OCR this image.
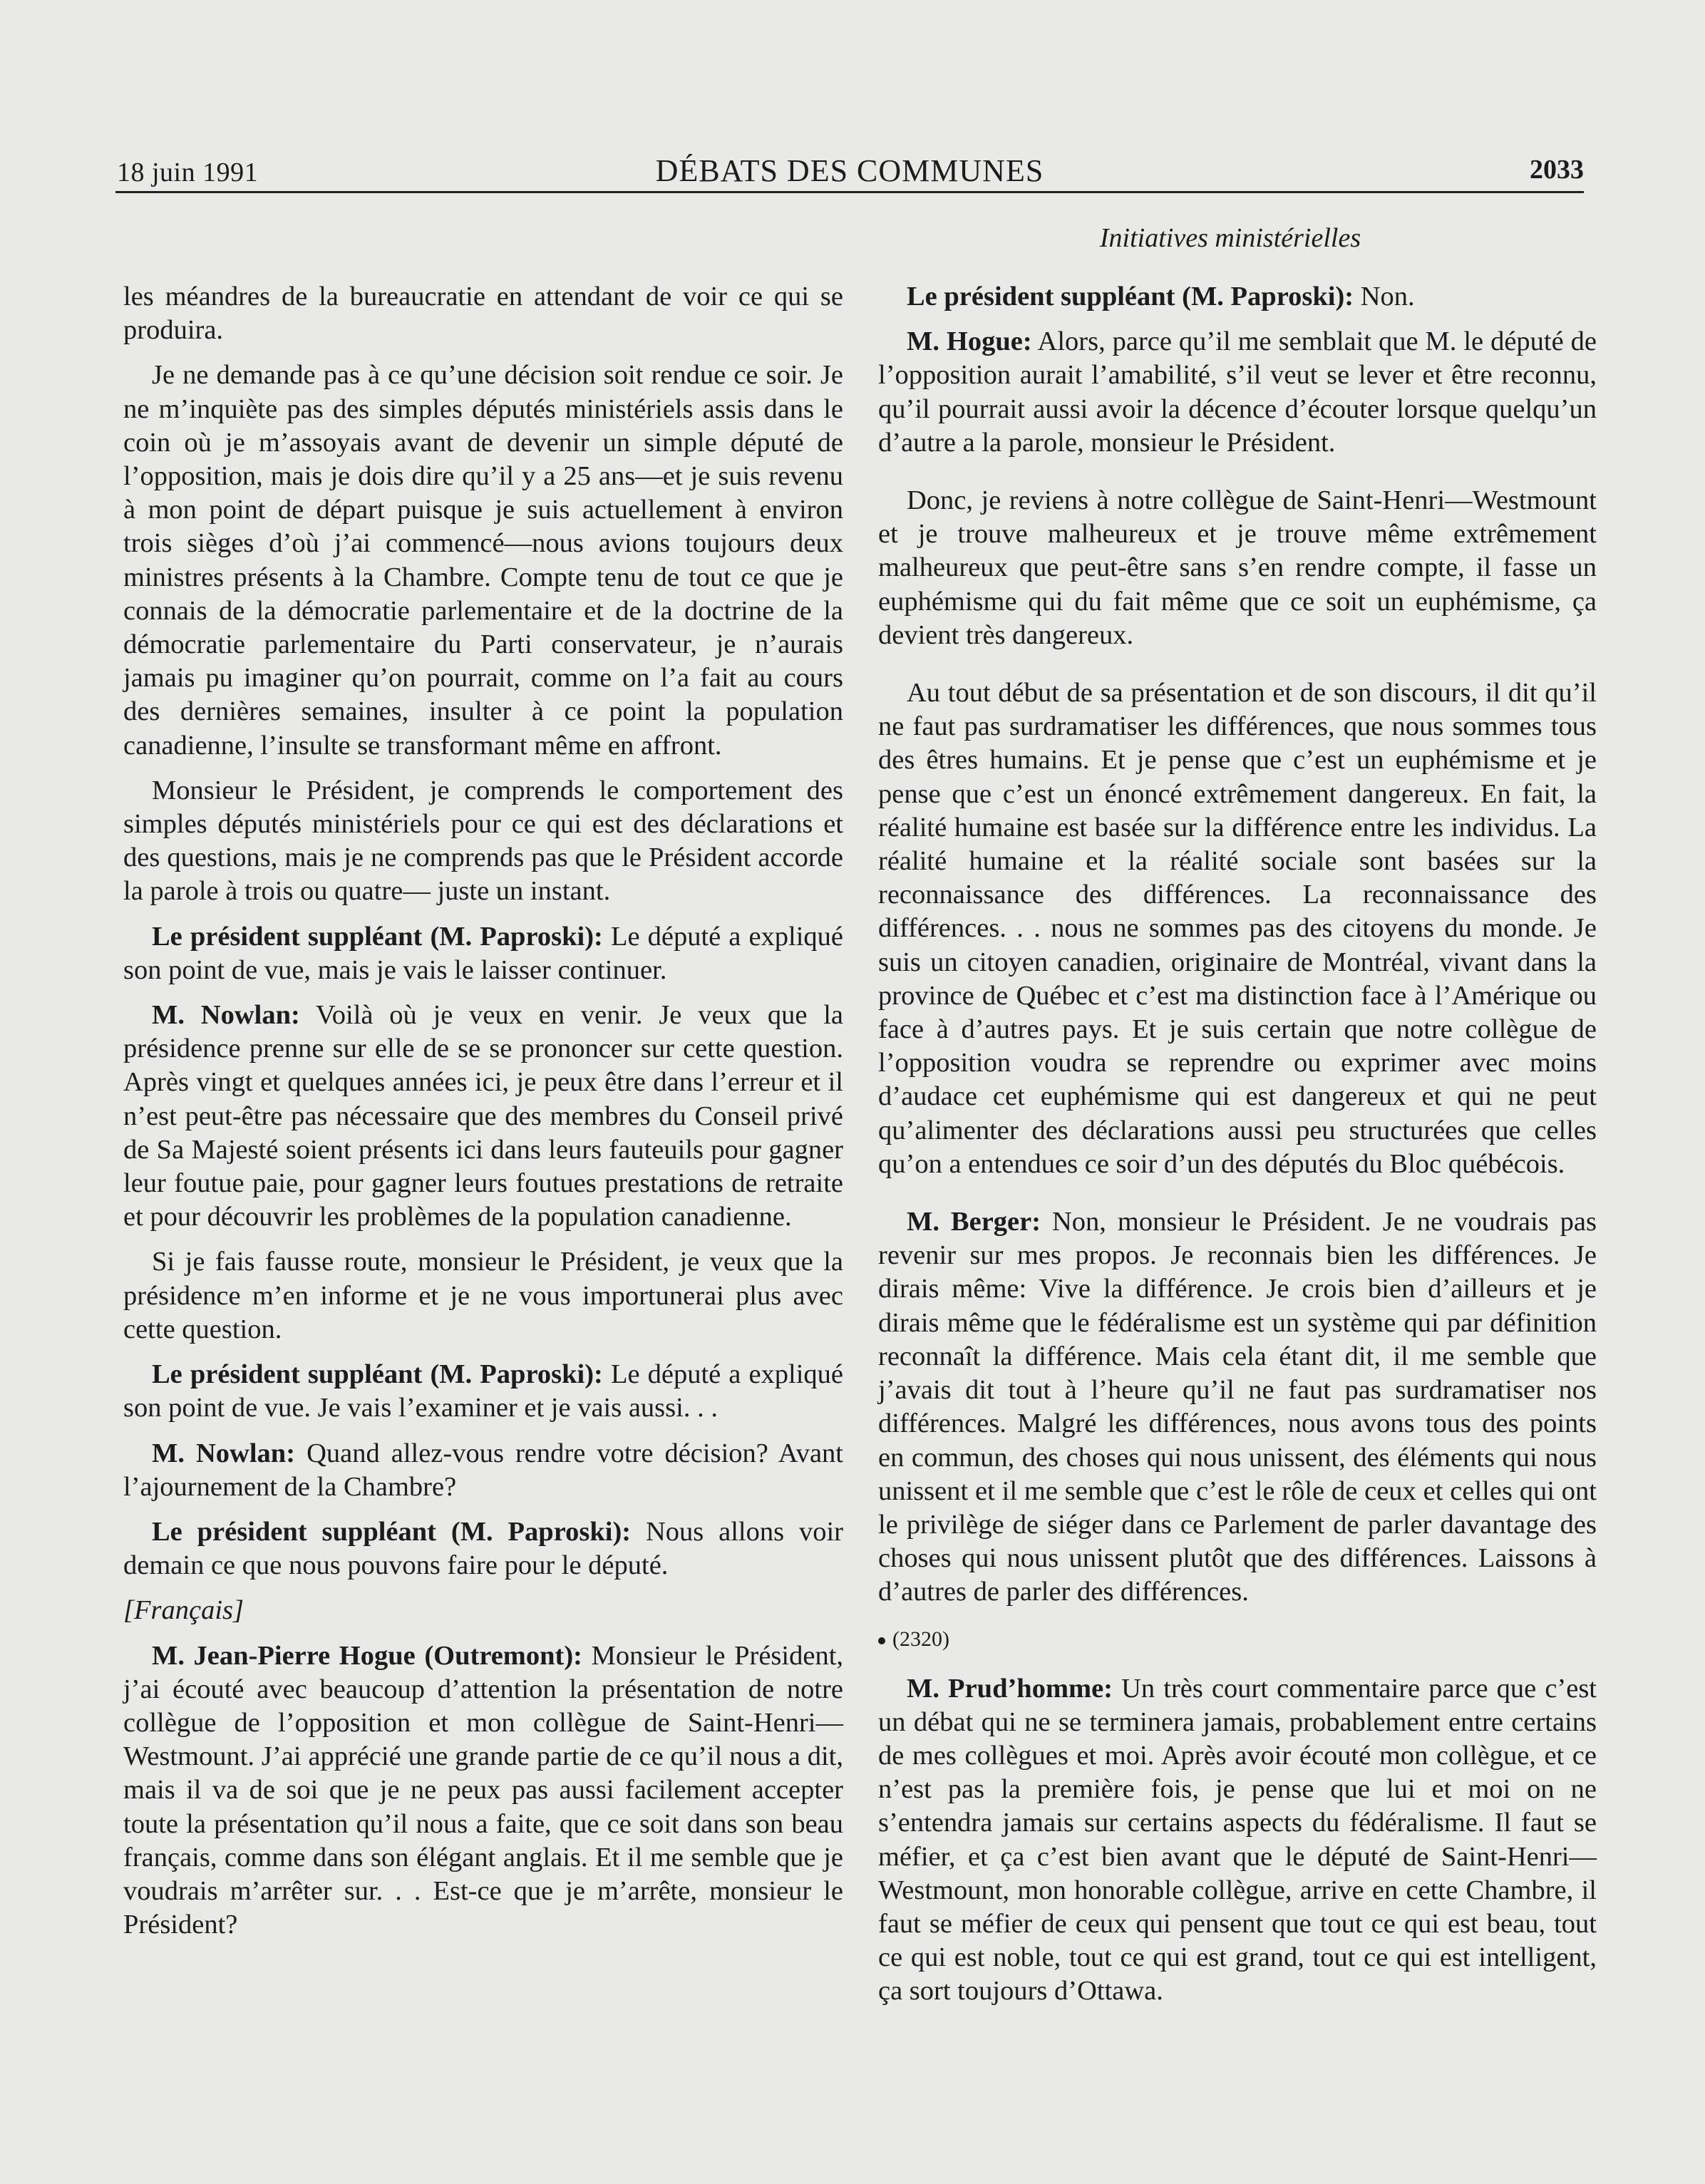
18 juin 1991	DÉBATS DES COMMUNES	2033
Initiatives ministérielles

les méandres de la bureaucratie en attendant de voir ce qui se produira.

Je ne demande pas à ce qu’une décision soit rendue ce soir. Je ne m’inquiète pas des simples députés ministériels assis dans le coin où je m’assoyais avant de devenir un simple député de l’opposition, mais je dois dire qu’il y a 25 ans—et je suis revenu à mon point de départ puisque je suis actuellement à environ trois sièges d’où j’ai commencé—nous avions toujours deux ministres présents à la Chambre. Compte tenu de tout ce que je connais de la démocratie parlementaire et de la doctrine de la démocratie parlementaire du Parti conservateur, je n’aurais jamais pu imaginer qu’on pourrait, comme on l’a fait au cours des dernières semaines, insulter à ce point la population canadienne, l’insulte se transformant même en affront.

Monsieur le Président, je comprends le comportement des simples députés ministériels pour ce qui est des déclarations et des questions, mais je ne comprends pas que le Président accorde la parole à trois ou quatre— juste un instant.

Le président suppléant (M. Paproski): Le député a expliqué son point de vue, mais je vais le laisser continuer.

M. Nowlan: Voilà où je veux en venir. Je veux que la présidence prenne sur elle de se se prononcer sur cette question. Après vingt et quelques années ici, je peux être dans l’erreur et il n’est peut-être pas nécessaire que des membres du Conseil privé de Sa Majesté soient présents ici dans leurs fauteuils pour gagner leur foutue paie, pour gagner leurs foutues prestations de retraite et pour découvrir les problèmes de la population canadienne.

Si je fais fausse route, monsieur le Président, je veux que la présidence m’en informe et je ne vous importunerai plus avec cette question.

Le président suppléant (M. Paproski): Le député a expliqué son point de vue. Je vais l’examiner et je vais aussi. . .

M. Nowlan: Quand allez-vous rendre votre décision? Avant l’ajournement de la Chambre?

Le président suppléant (M. Paproski): Nous allons voir demain ce que nous pouvons faire pour le député.

[Français]

M. Jean-Pierre Hogue (Outremont): Monsieur le Président, j’ai écouté avec beaucoup d’attention la présentation de notre collègue de l’opposition et mon collègue de Saint-Henri—Westmount. J’ai apprécié une grande partie de ce qu’il nous a dit, mais il va de soi que je ne peux pas aussi facilement accepter toute la présentation qu’il nous a faite, que ce soit dans son beau français, comme dans son élégant anglais. Et il me semble que je voudrais m’arrêter sur. . . Est-ce que je m’arrête, monsieur le Président?

Le président suppléant (M. Paproski): Non.

M. Hogue: Alors, parce qu’il me semblait que M. le député de l’opposition aurait l’amabilité, s’il veut se lever et être reconnu, qu’il pourrait aussi avoir la décence d’écouter lorsque quelqu’un d’autre a la parole, monsieur le Président.

Donc, je reviens à notre collègue de Saint-Henri—Westmount et je trouve malheureux et je trouve même extrêmement malheureux que peut-être sans s’en rendre compte, il fasse un euphémisme qui du fait même que ce soit un euphémisme, ça devient très dangereux.

Au tout début de sa présentation et de son discours, il dit qu’il ne faut pas surdramatiser les différences, que nous sommes tous des êtres humains. Et je pense que c’est un euphémisme et je pense que c’est un énoncé extrêmement dangereux. En fait, la réalité humaine est basée sur la différence entre les individus. La réalité humaine et la réalité sociale sont basées sur la reconnaissance des différences. La reconnaissance des différences. . . nous ne sommes pas des citoyens du monde. Je suis un citoyen canadien, originaire de Montréal, vivant dans la province de Québec et c’est ma distinction face à l’Amérique ou face à d’autres pays. Et je suis certain que notre collègue de l’opposition voudra se reprendre ou exprimer avec moins d’audace cet euphémisme qui est dangereux et qui ne peut qu’alimenter des déclarations aussi peu structurées que celles qu’on a entendues ce soir d’un des députés du Bloc québécois.

M. Berger: Non, monsieur le Président. Je ne voudrais pas revenir sur mes propos. Je reconnais bien les différences. Je dirais même: Vive la différence. Je crois bien d’ailleurs et je dirais même que le fédéralisme est un système qui par définition reconnaît la différence. Mais cela étant dit, il me semble que j’avais dit tout à l’heure qu’il ne faut pas surdramatiser nos différences. Malgré les différences, nous avons tous des points en commun, des choses qui nous unissent, des éléments qui nous unissent et il me semble que c’est le rôle de ceux et celles qui ont le privilège de siéger dans ce Parlement de parler davantage des choses qui nous unissent plutôt que des différences. Laissons à d’autres de parler des différences.

(2320)

M. Prud’homme: Un très court commentaire parce que c’est un débat qui ne se terminera jamais, probablement entre certains de mes collègues et moi. Après avoir écouté mon collègue, et ce n’est pas la première fois, je pense que lui et moi on ne s’entendra jamais sur certains aspects du fédéralisme. Il faut se méfier, et ça c’est bien avant que le député de Saint-Henri—Westmount, mon honorable collègue, arrive en cette Chambre, il faut se méfier de ceux qui pensent que tout ce qui est beau, tout ce qui est noble, tout ce qui est grand, tout ce qui est intelligent, ça sort toujours d’Ottawa.
